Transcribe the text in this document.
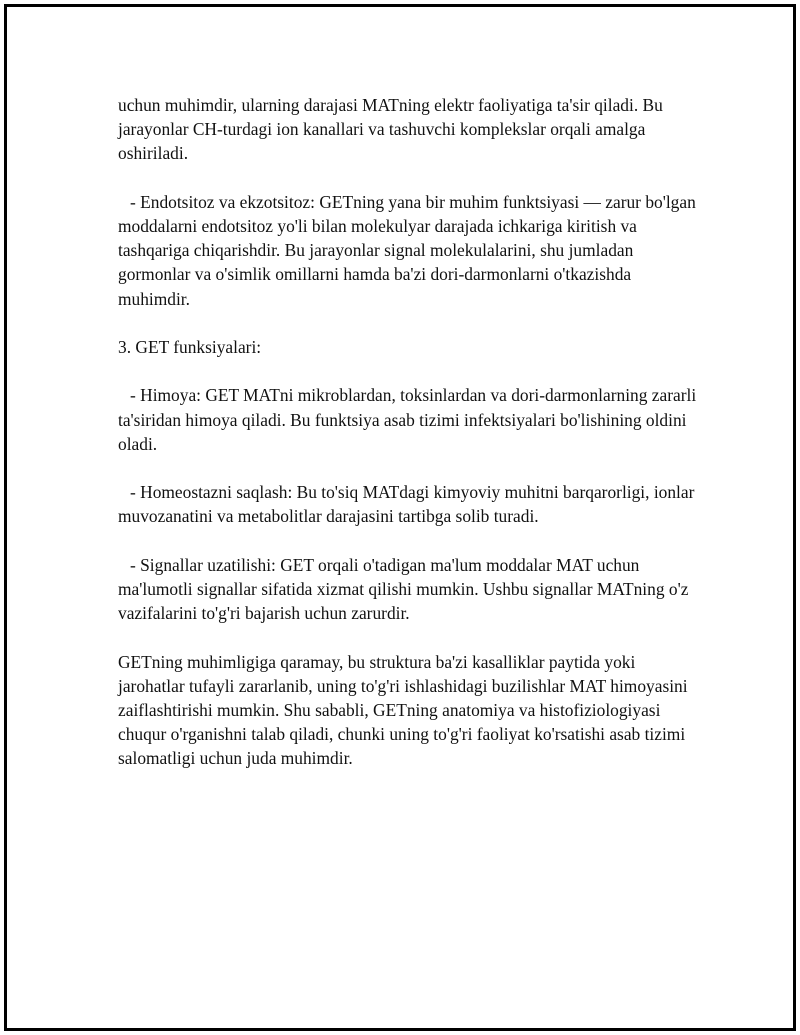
uchun muhimdir, ularning darajasi MATning elektr faoliyatiga ta'sir qiladi. Bu jarayonlar CH-turdagi ion kanallari va tashuvchi komplekslar orqali amalga oshiriladi.

- Endotsitoz va ekzotsitoz: GETning yana bir muhim funktsiyasi — zarur bo'lgan moddalarni endotsitoz yo'li bilan molekulyar darajada ichkariga kiritish va tashqariga chiqarishdir. Bu jarayonlar signal molekulalarini, shu jumladan gormonlar va o'simlik omillarni hamda ba'zi dori-darmonlarni o'tkazishda muhimdir.

3. GET funksiyalari:

- Himoya: GET MATni mikroblardan, toksinlardan va dori-darmonlarning zararli ta'siridan himoya qiladi. Bu funktsiya asab tizimi infektsiyalari bo'lishining oldini oladi.

- Homeostazni saqlash: Bu to'siq MATdagi kimyoviy muhitni barqarorligi, ionlar muvozanatini va metabolitlar darajasini tartibga solib turadi.

- Signallar uzatilishi: GET orqali o'tadigan ma'lum moddalar MAT uchun ma'lumotli signallar sifatida xizmat qilishi mumkin. Ushbu signallar MATning o'z vazifalarini to'g'ri bajarish uchun zarurdir.

GETning muhimligiga qaramay, bu struktura ba'zi kasalliklar paytida yoki jarohatlar tufayli zararlanib, uning to'g'ri ishlashidagi buzilishlar MAT himoyasini zaiflashtirishi mumkin. Shu sababli, GETning anatomiya va histofiziologiyasi chuqur o'rganishni talab qiladi, chunki uning to'g'ri faoliyat ko'rsatishi asab tizimi salomatligi uchun juda muhimdir.
